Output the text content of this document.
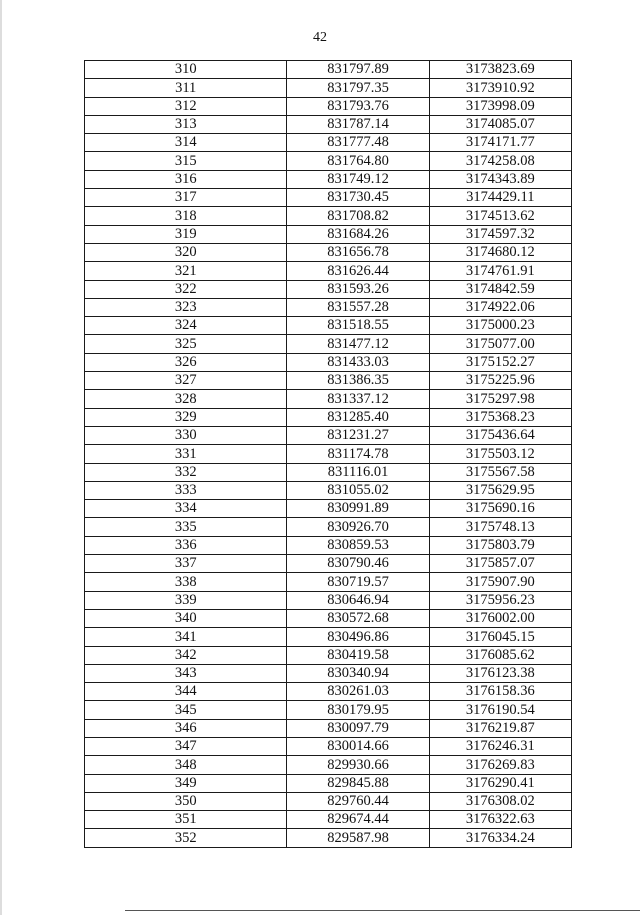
42
310	831797.89	3173823.69
311	831797.35	3173910.92
312	831793.76	3173998.09
313	831787.14	3174085.07
314	831777.48	3174171.77
315	831764.80	3174258.08
316	831749.12	3174343.89
317	831730.45	3174429.11
318	831708.82	3174513.62
319	831684.26	3174597.32
320	831656.78	3174680.12
321	831626.44	3174761.91
322	831593.26	3174842.59
323	831557.28	3174922.06
324	831518.55	3175000.23
325	831477.12	3175077.00
326	831433.03	3175152.27
327	831386.35	3175225.96
328	831337.12	3175297.98
329	831285.40	3175368.23
330	831231.27	3175436.64
331	831174.78	3175503.12
332	831116.01	3175567.58
333	831055.02	3175629.95
334	830991.89	3175690.16
335	830926.70	3175748.13
336	830859.53	3175803.79
337	830790.46	3175857.07
338	830719.57	3175907.90
339	830646.94	3175956.23
340	830572.68	3176002.00
341	830496.86	3176045.15
342	830419.58	3176085.62
343	830340.94	3176123.38
344	830261.03	3176158.36
345	830179.95	3176190.54
346	830097.79	3176219.87
347	830014.66	3176246.31
348	829930.66	3176269.83
349	829845.88	3176290.41
350	829760.44	3176308.02
351	829674.44	3176322.63
352	829587.98	3176334.24
